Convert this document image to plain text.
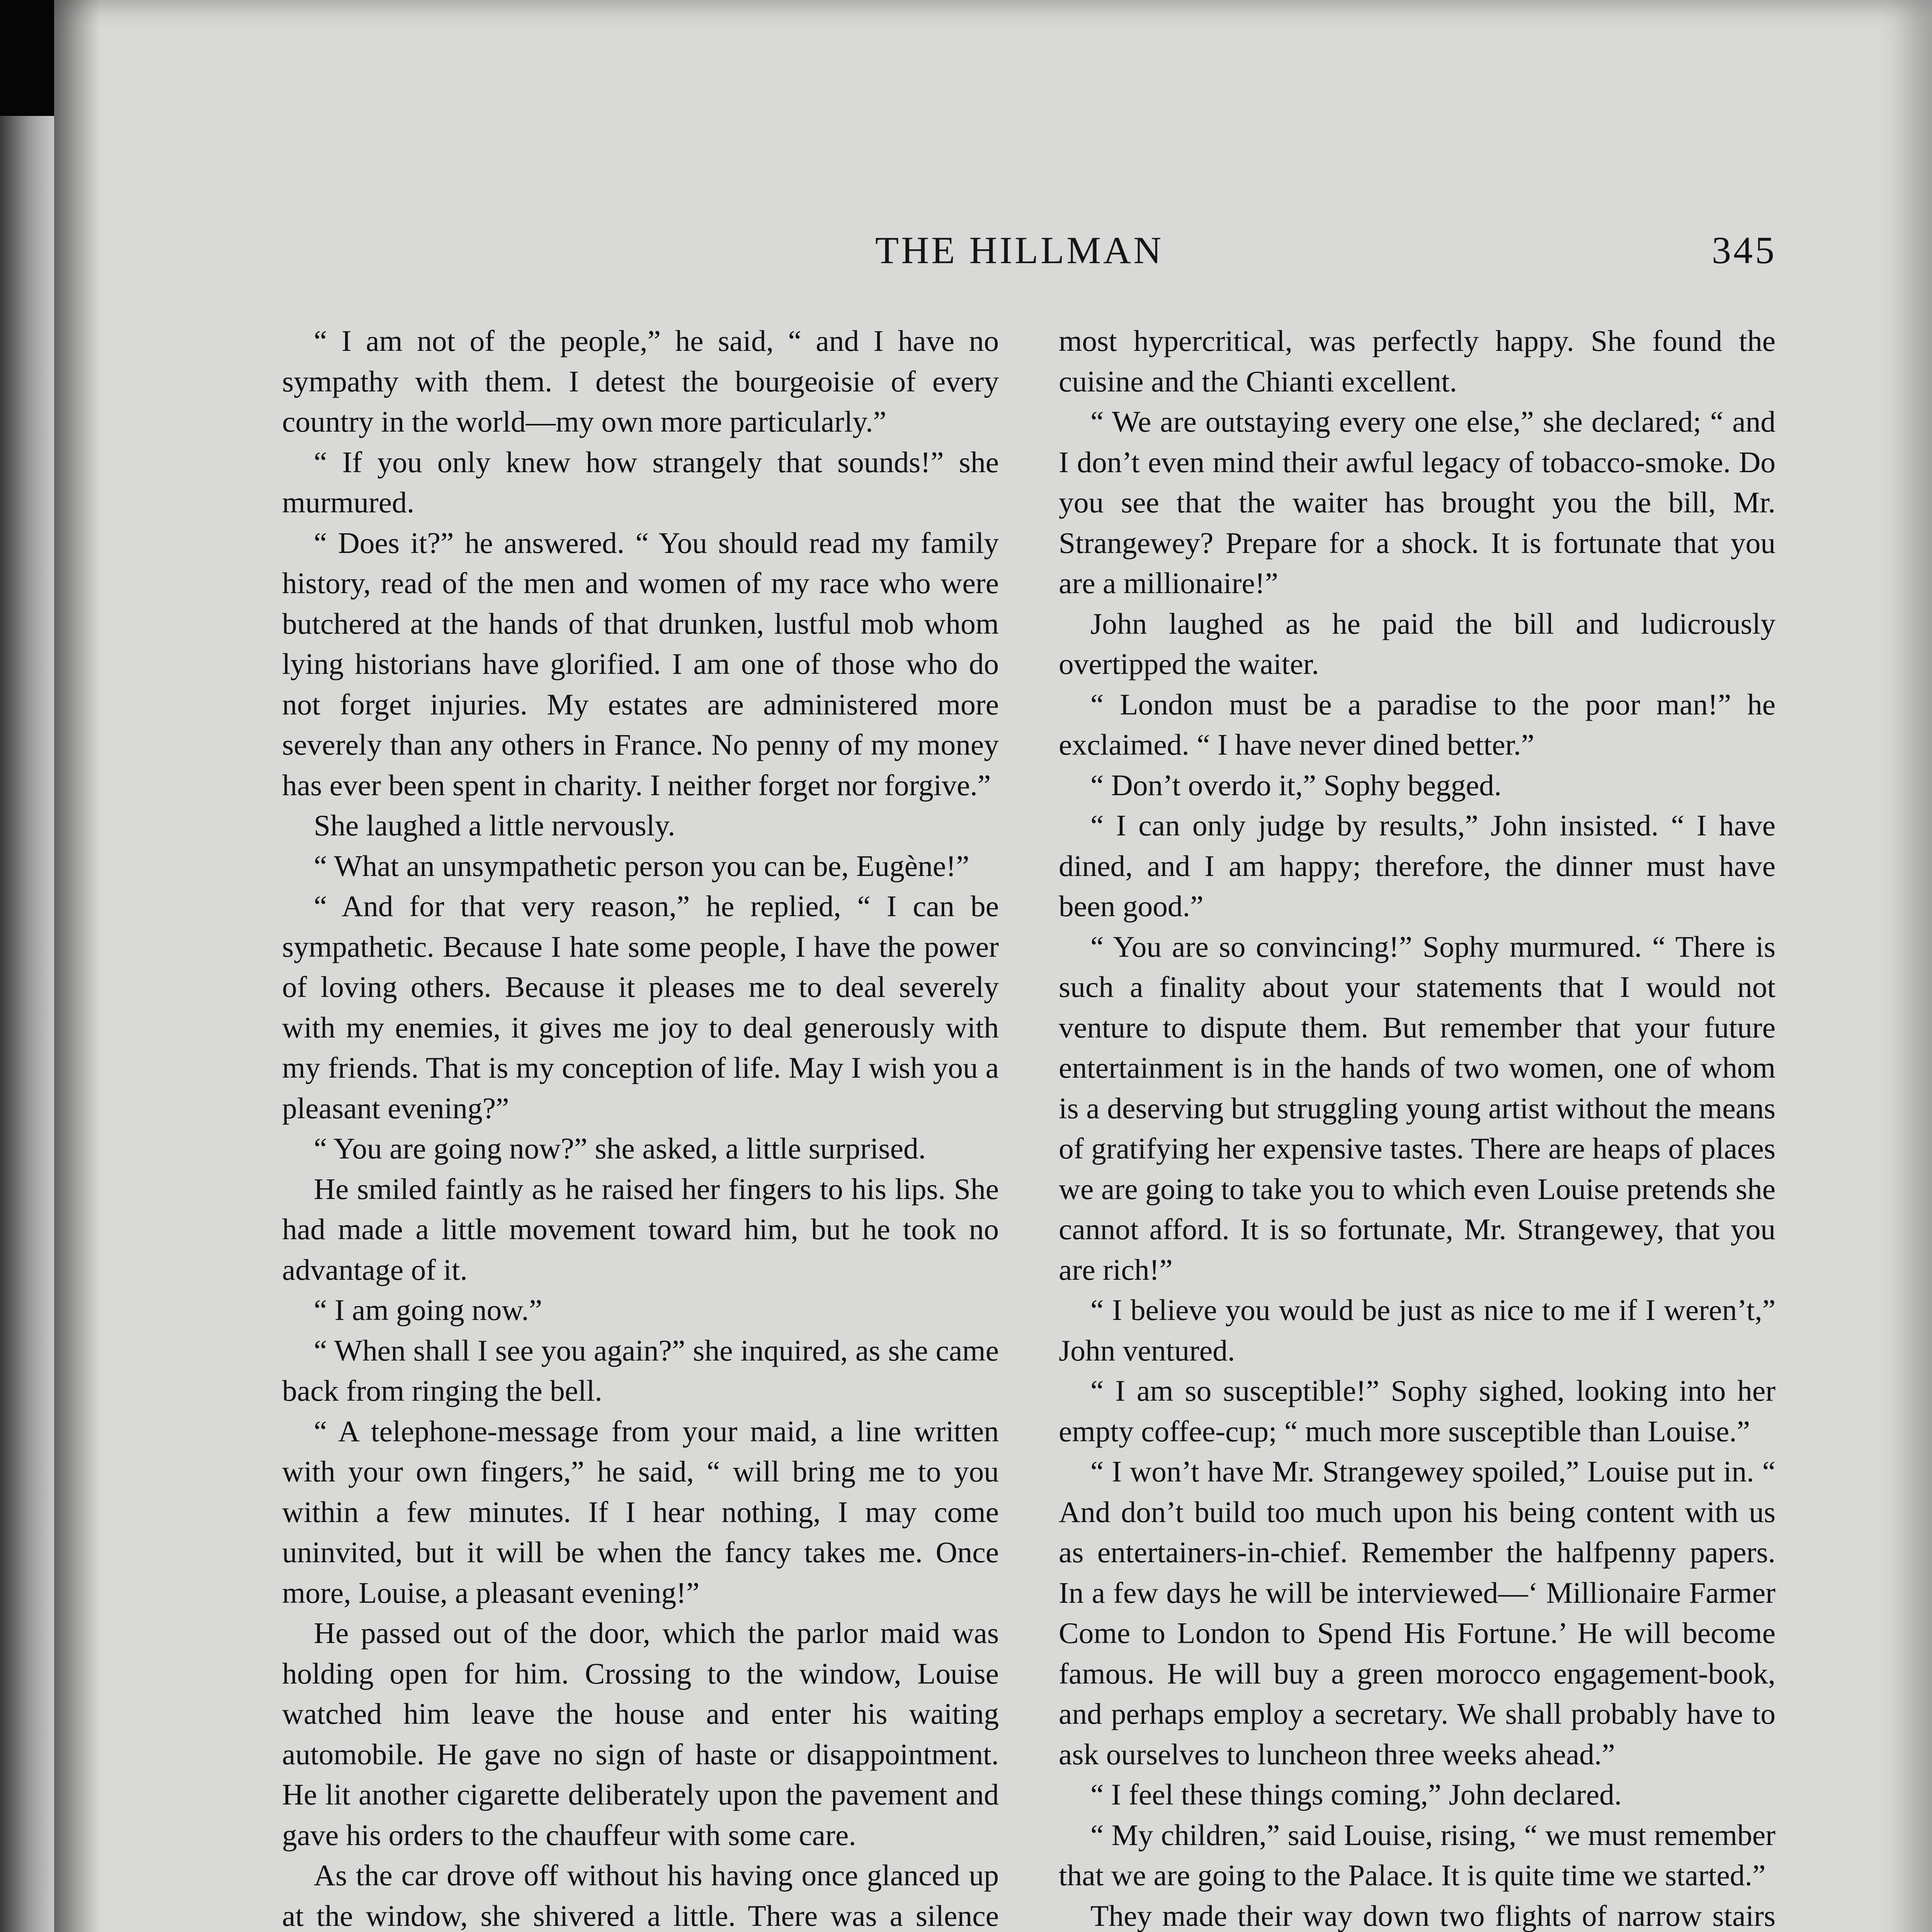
THE HILLMAN	345

“ I am not of the people,” he said, “ and I have no sympathy with them. I detest the bourgeoisie of every country in the world—my own more particularly.”

“ If you only knew how strangely that sounds!” she murmured.

“ Does it?” he answered. “ You should read my family history, read of the men and women of my race who were butchered at the hands of that drunken, lustful mob whom lying historians have glorified. I am one of those who do not forget injuries. My estates are administered more severely than any others in France. No penny of my money has ever been spent in charity. I neither forget nor forgive.”

She laughed a little nervously.

“ What an unsympathetic person you can be, Eugène!”

“ And for that very reason,” he replied, “ I can be sympathetic. Because I hate some people, I have the power of loving others. Because it pleases me to deal severely with my enemies, it gives me joy to deal generously with my friends. That is my conception of life. May I wish you a pleasant evening?”

“ You are going now?” she asked, a little surprised.

He smiled faintly as he raised her fingers to his lips. She had made a little movement toward him, but he took no advantage of it.

“ I am going now.”

“ When shall I see you again?” she inquired, as she came back from ringing the bell.

“ A telephone-message from your maid, a line written with your own fingers,” he said, “ will bring me to you within a few minutes. If I hear nothing, I may come uninvited, but it will be when the fancy takes me. Once more, Louise, a pleasant evening!”

He passed out of the door, which the parlor maid was holding open for him. Crossing to the window, Louise watched him leave the house and enter his waiting automobile. He gave no sign of haste or disappointment. He lit another cigarette deliberately upon the pavement and gave his orders to the chauffeur with some care.

As the car drove off without his having once glanced up at the window, she shivered a little. There was a silence

most hypercritical, was perfectly happy. She found the cuisine and the Chianti excellent.

“ We are outstaying every one else,” she declared; “ and I don’t even mind their awful legacy of tobacco-smoke. Do you see that the waiter has brought you the bill, Mr. Strangewey? Prepare for a shock. It is fortunate that you are a millionaire!”

John laughed as he paid the bill and ludicrously overtipped the waiter.

“ London must be a paradise to the poor man!” he exclaimed. “ I have never dined better.”

“ Don’t overdo it,” Sophy begged.

“ I can only judge by results,” John insisted. “ I have dined, and I am happy; therefore, the dinner must have been good.”

“ You are so convincing!” Sophy murmured. “ There is such a finality about your statements that I would not venture to dispute them. But remember that your future entertainment is in the hands of two women, one of whom is a deserving but struggling young artist without the means of gratifying her expensive tastes. There are heaps of places we are going to take you to which even Louise pretends she cannot afford. It is so fortunate, Mr. Strangewey, that you are rich!”

“ I believe you would be just as nice to me if I weren’t,” John ventured.

“ I am so susceptible!” Sophy sighed, looking into her empty coffee-cup; “ much more susceptible than Louise.”

“ I won’t have Mr. Strangewey spoiled,” Louise put in. “ And don’t build too much upon his being content with us as entertainers-in-chief. Remember the halfpenny papers. In a few days he will be interviewed—‘ Millionaire Farmer Come to London to Spend His Fortune.’ He will become famous. He will buy a green morocco engagement-book, and perhaps employ a secretary. We shall probably have to ask ourselves to luncheon three weeks ahead.”

“ I feel these things coming,” John declared.

“ My children,” said Louise, rising, “ we must remember that we are going to the Palace. It is quite time we started.”

They made their way down two flights of narrow stairs
